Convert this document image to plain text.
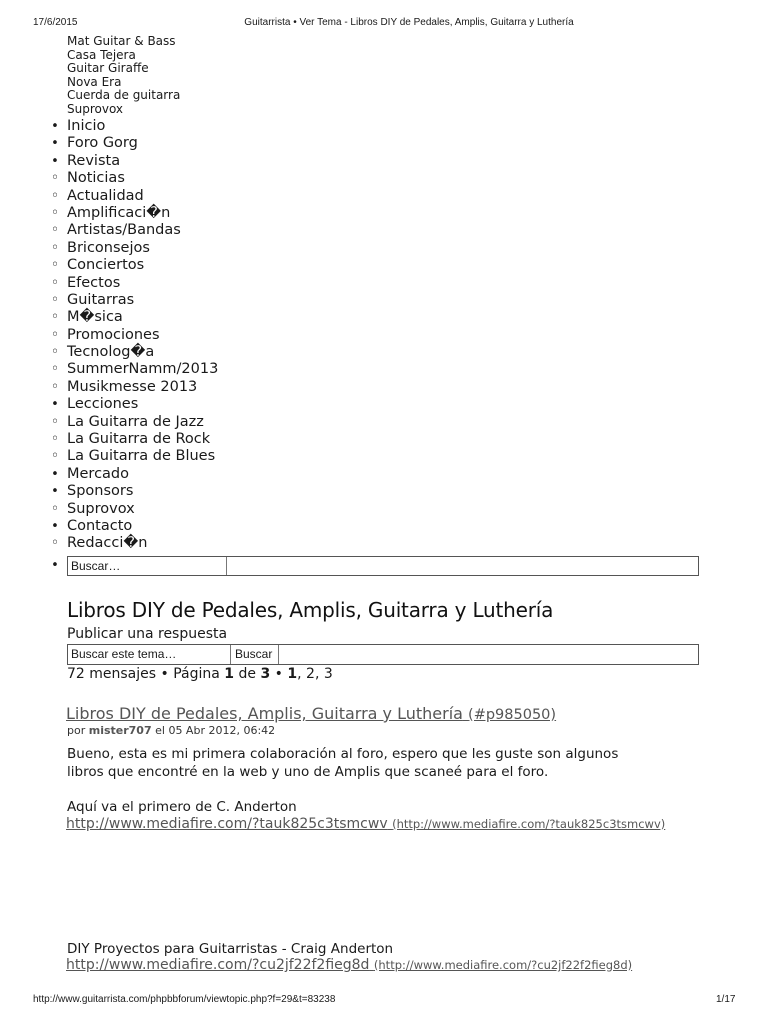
17/6/2015	Guitarrista • Ver Tema - Libros DIY de Pedales, Amplis, Guitarra y Luthería
Mat Guitar & Bass
Casa Tejera
Guitar Giraffe
Nova Era
Cuerda de guitarra
Suprovox
• Inicio
• Foro Gorg
• Revista
◦ Noticias
◦ Actualidad
◦ Amplificaci�n
◦ Artistas/Bandas
◦ Briconsejos
◦ Conciertos
◦ Efectos
◦ Guitarras
◦ M�sica
◦ Promociones
◦ Tecnolog�a
◦ SummerNamm/2013
◦ Musikmesse 2013
• Lecciones
◦ La Guitarra de Jazz
◦ La Guitarra de Rock
◦ La Guitarra de Blues
• Mercado
• Sponsors
◦ Suprovox
• Contacto
◦ Redacci�n
• Buscar…
Libros DIY de Pedales, Amplis, Guitarra y Luthería
Publicar una respuesta
Buscar este tema…	Buscar
72 mensajes • Página 1 de 3 • 1, 2, 3
Libros DIY de Pedales, Amplis, Guitarra y Luthería (#p985050)
por mister707 el 05 Abr 2012, 06:42
Bueno, esta es mi primera colaboración al foro, espero que les guste son algunos
libros que encontré en la web y uno de Amplis que scaneé para el foro.
Aquí va el primero de C. Anderton
http://www.mediafire.com/?tauk825c3tsmcwv (http://www.mediafire.com/?tauk825c3tsmcwv)
DIY Proyectos para Guitarristas - Craig Anderton
http://www.mediafire.com/?cu2jf22f2fieg8d (http://www.mediafire.com/?cu2jf22f2fieg8d)
http://www.guitarrista.com/phpbbforum/viewtopic.php?f=29&t=83238	1/17
